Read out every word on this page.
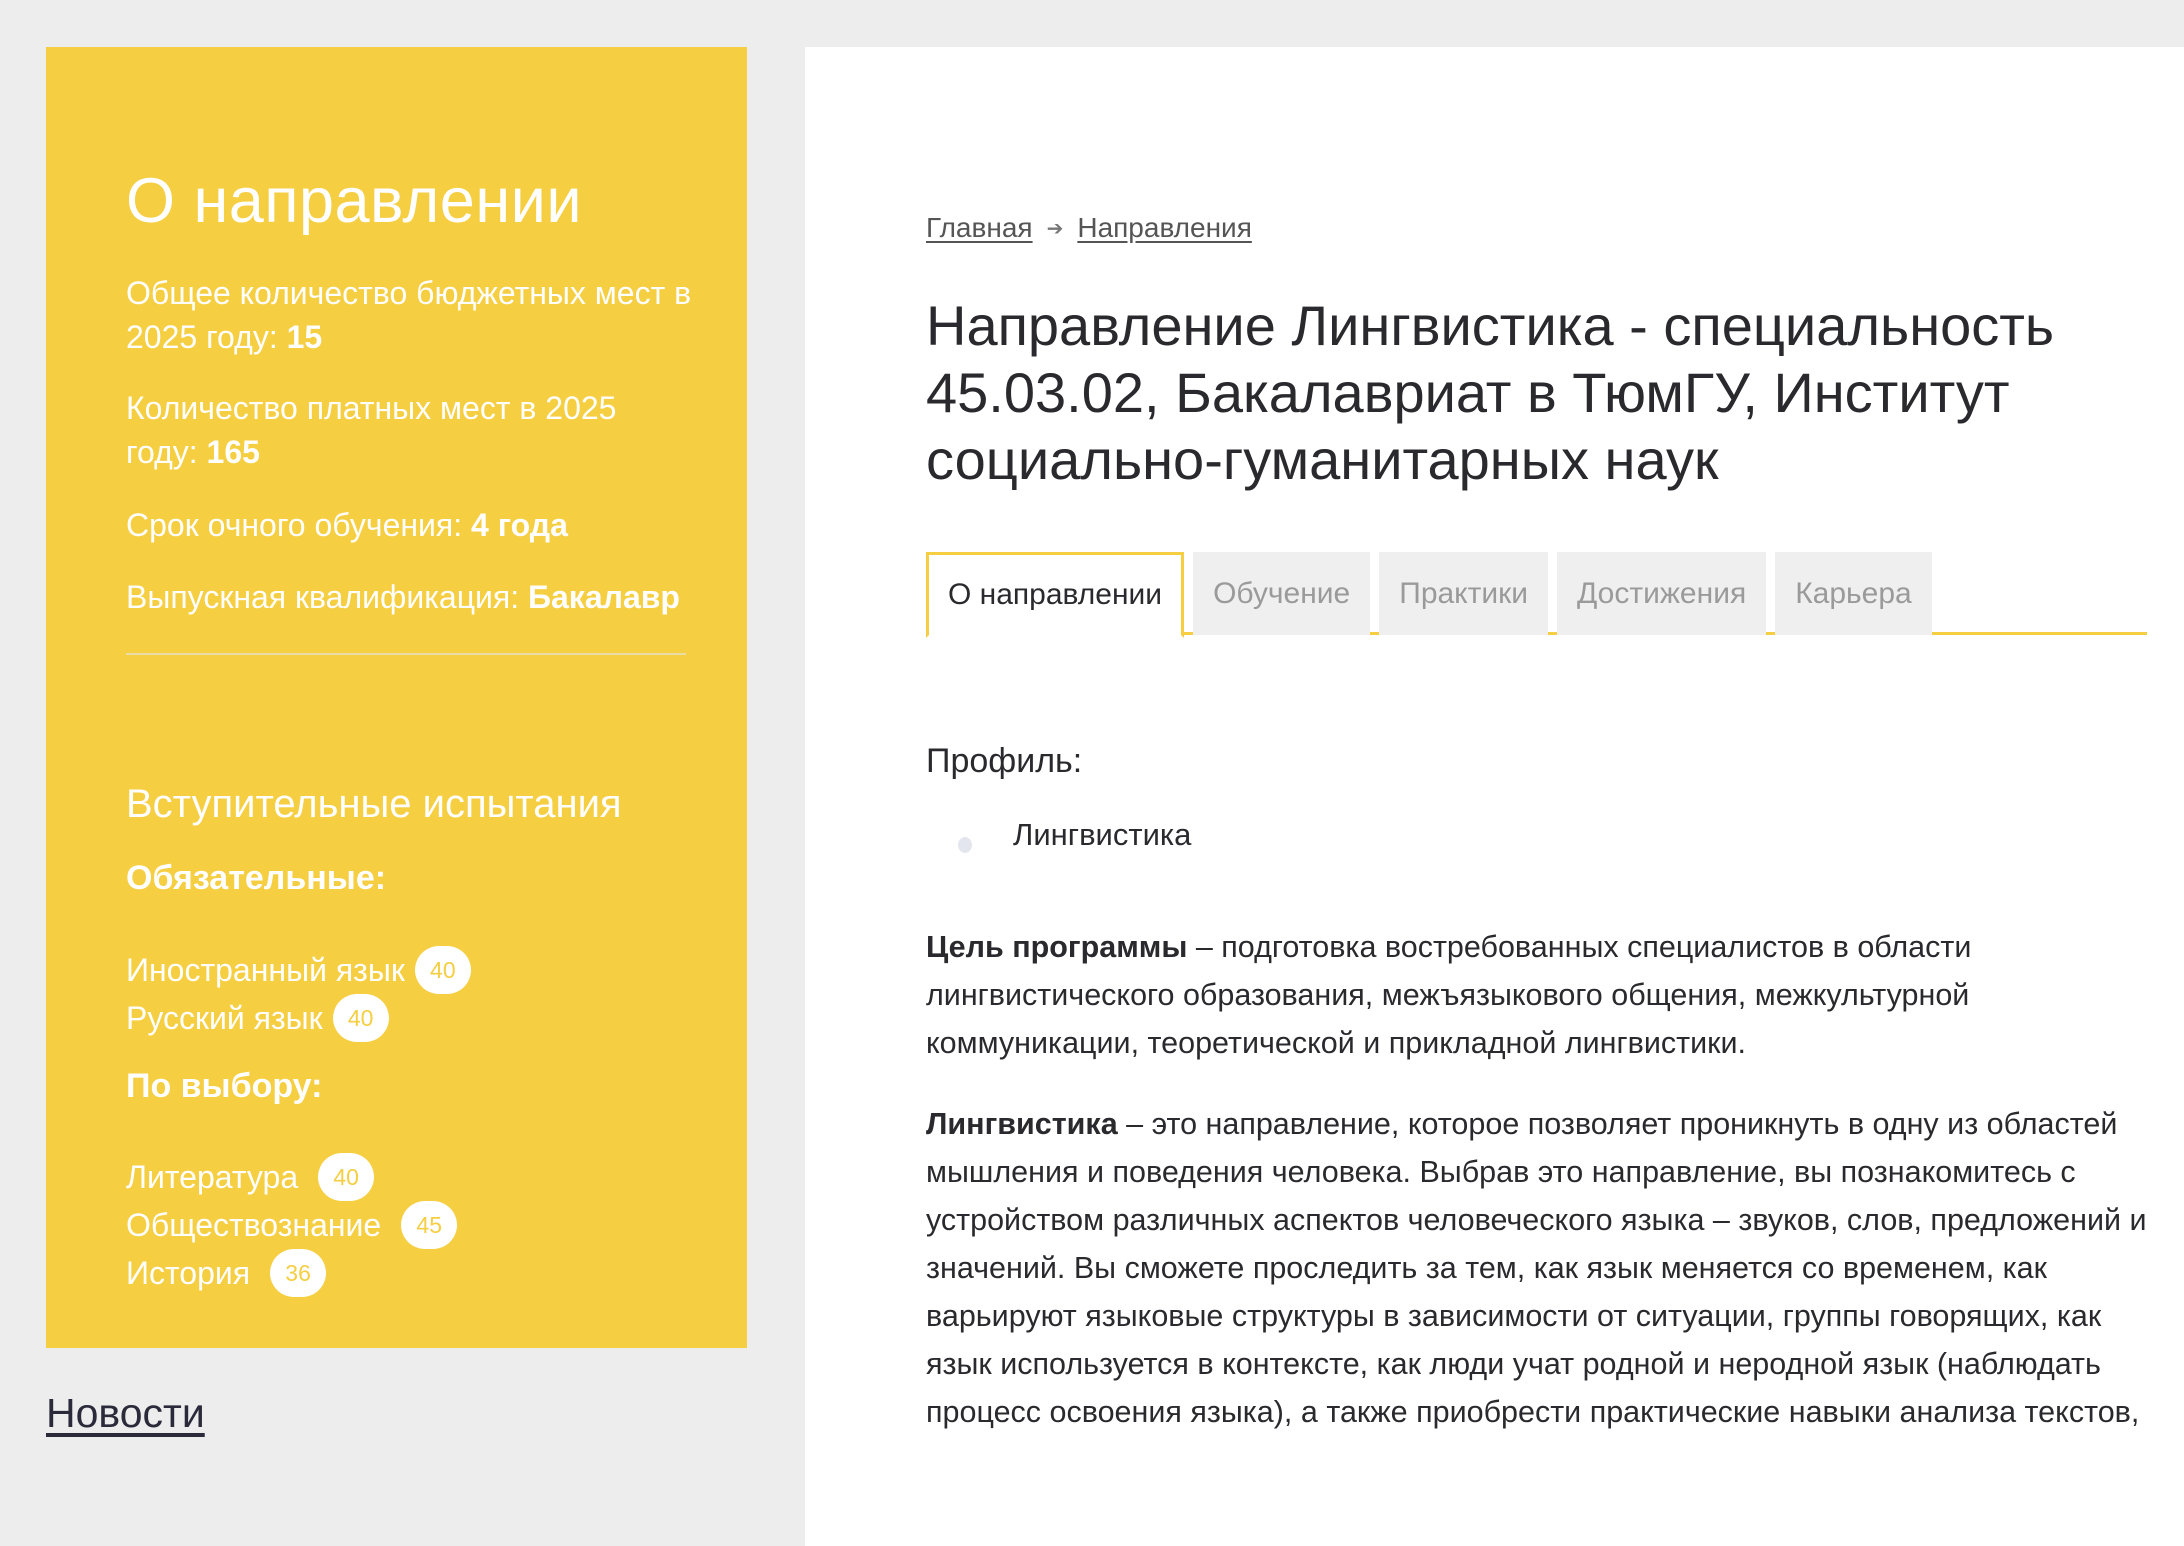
О направлении
Общее количество бюджетных мест в 2025 году: 15
Количество платных мест в 2025 году: 165
Срок очного обучения: 4 года
Выпускная квалификация: Бакалавр
Вступительные испытания
Обязательные:
Иностранный язык	40
Русский язык	40
По выбору:
Литература	40
Обществознание	45
История	36
Новости
Главная ➔ Направления
Направление Лингвистика - специальность 45.03.02, Бакалавриат в ТюмГУ, Институт социально-гуманитарных наук
О направлении	Обучение	Практики	Достижения	Карьера
Профиль:
Лингвистика

Цель программы – подготовка востребованных специалистов в области лингвистического образования, межъязыкового общения, межкультурной коммуникации, теоретической и прикладной лингвистики.

Лингвистика – это направление, которое позволяет проникнуть в одну из областей мышления и поведения человека. Выбрав это направление, вы познакомитесь с устройством различных аспектов человеческого языка – звуков, слов, предложений и значений. Вы сможете проследить за тем, как язык меняется со временем, как варьируют языковые структуры в зависимости от ситуации, группы говорящих, как язык используется в контексте, как люди учат родной и неродной язык (наблюдать процесс освоения языка), а также приобрести практические навыки анализа текстов,
